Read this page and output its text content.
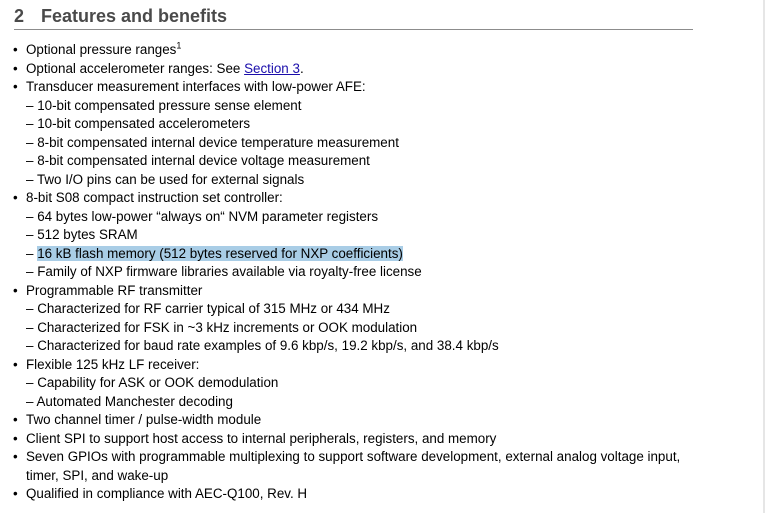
2 Features and benefits
• Optional pressure ranges$^1$
• Optional accelerometer ranges: See Section 3.
• Transducer measurement interfaces with low-power AFE:
– 10-bit compensated pressure sense element
– 10-bit compensated accelerometers
– 8-bit compensated internal device temperature measurement
– 8-bit compensated internal device voltage measurement
– Two I/O pins can be used for external signals
• 8-bit S08 compact instruction set controller:
– 64 bytes low-power “always on“ NVM parameter registers
– 512 bytes SRAM
– 16 kB flash memory (512 bytes reserved for NXP coefficients)
– Family of NXP firmware libraries available via royalty-free license
• Programmable RF transmitter
– Characterized for RF carrier typical of 315 MHz or 434 MHz
– Characterized for FSK in ~3 kHz increments or OOK modulation
– Characterized for baud rate examples of 9.6 kbp/s, 19.2 kbp/s, and 38.4 kbp/s
• Flexible 125 kHz LF receiver:
– Capability for ASK or OOK demodulation
– Automated Manchester decoding
• Two channel timer / pulse-width module
• Client SPI to support host access to internal peripherals, registers, and memory
• Seven GPIOs with programmable multiplexing to support software development, external analog voltage input, timer, SPI, and wake-up
• Qualified in compliance with AEC-Q100, Rev. H
